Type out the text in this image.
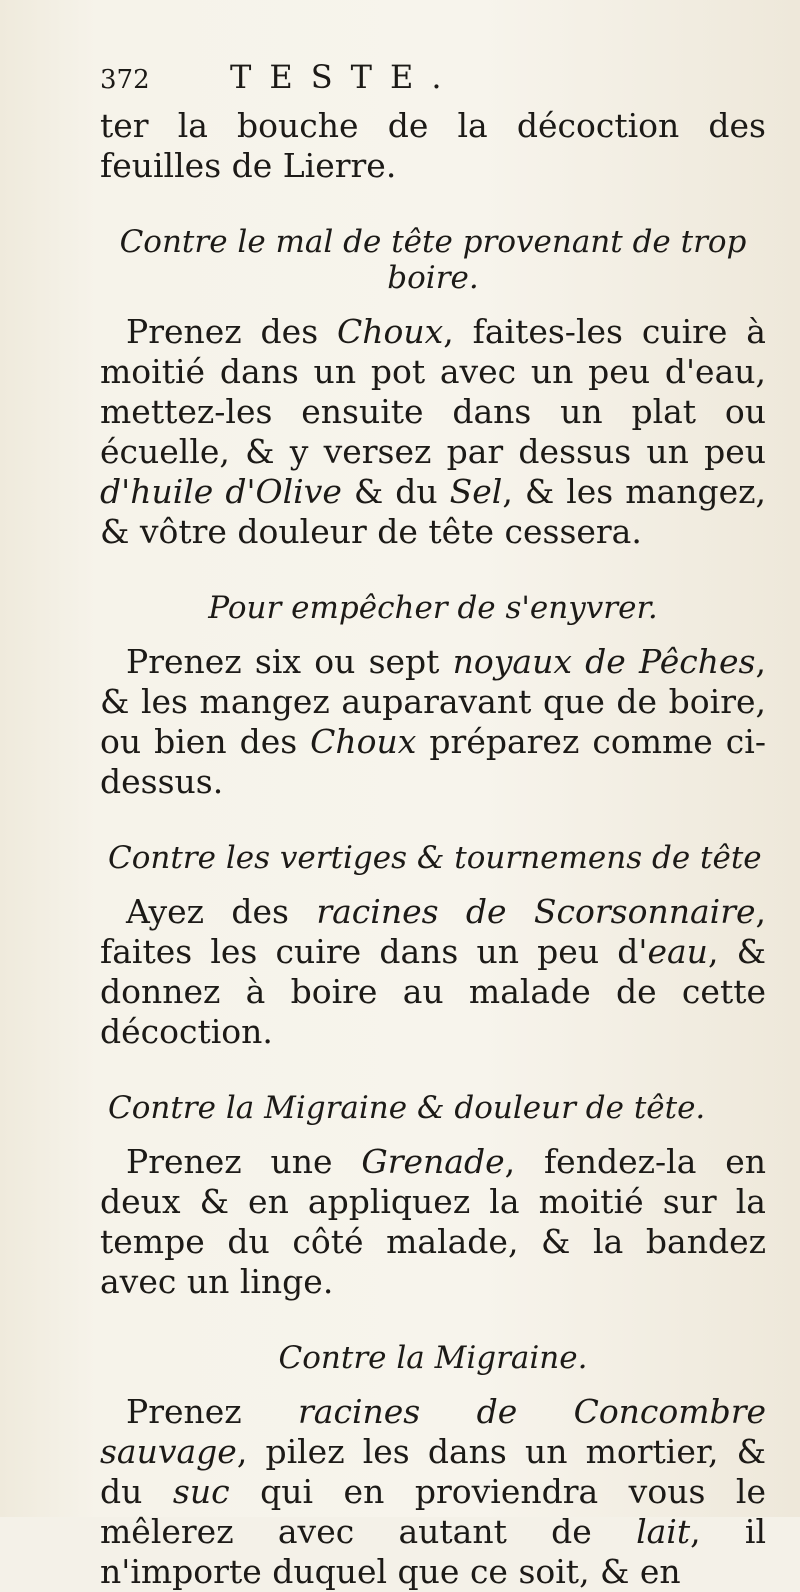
372	TESTE.

ter la bouche de la décoction des feuilles de Lierre.

Contre le mal de tête provenant de trop boire.

Prenez des Choux, faites-les cuire à moitié dans un pot avec un peu d'eau, mettez-les ensuite dans un plat ou écuelle, & y versez par dessus un peu d'huile d'Olive & du Sel, & les mangez, & vôtre douleur de tête cessera.

Pour empêcher de s'enyvrer.

Prenez six ou sept noyaux de Pêches, & les mangez auparavant que de boire, ou bien des Choux préparez comme ci-dessus.

Contre les vertiges & tournemens de tête

Ayez des racines de Scorsonnaire, faites les cuire dans un peu d'eau, & donnez à boire au malade de cette décoction.

Contre la Migraine & douleur de tête.

Prenez une Grenade, fendez-la en deux & en appliquez la moitié sur la tempe du côté malade, & la bandez avec un linge.

Contre la Migraine.

Prenez racines de Concombre sauvage, pilez les dans un mortier, & du suc qui en proviendra vous le mêlerez avec autant de lait, il n'importe duquel que ce soit, & en
